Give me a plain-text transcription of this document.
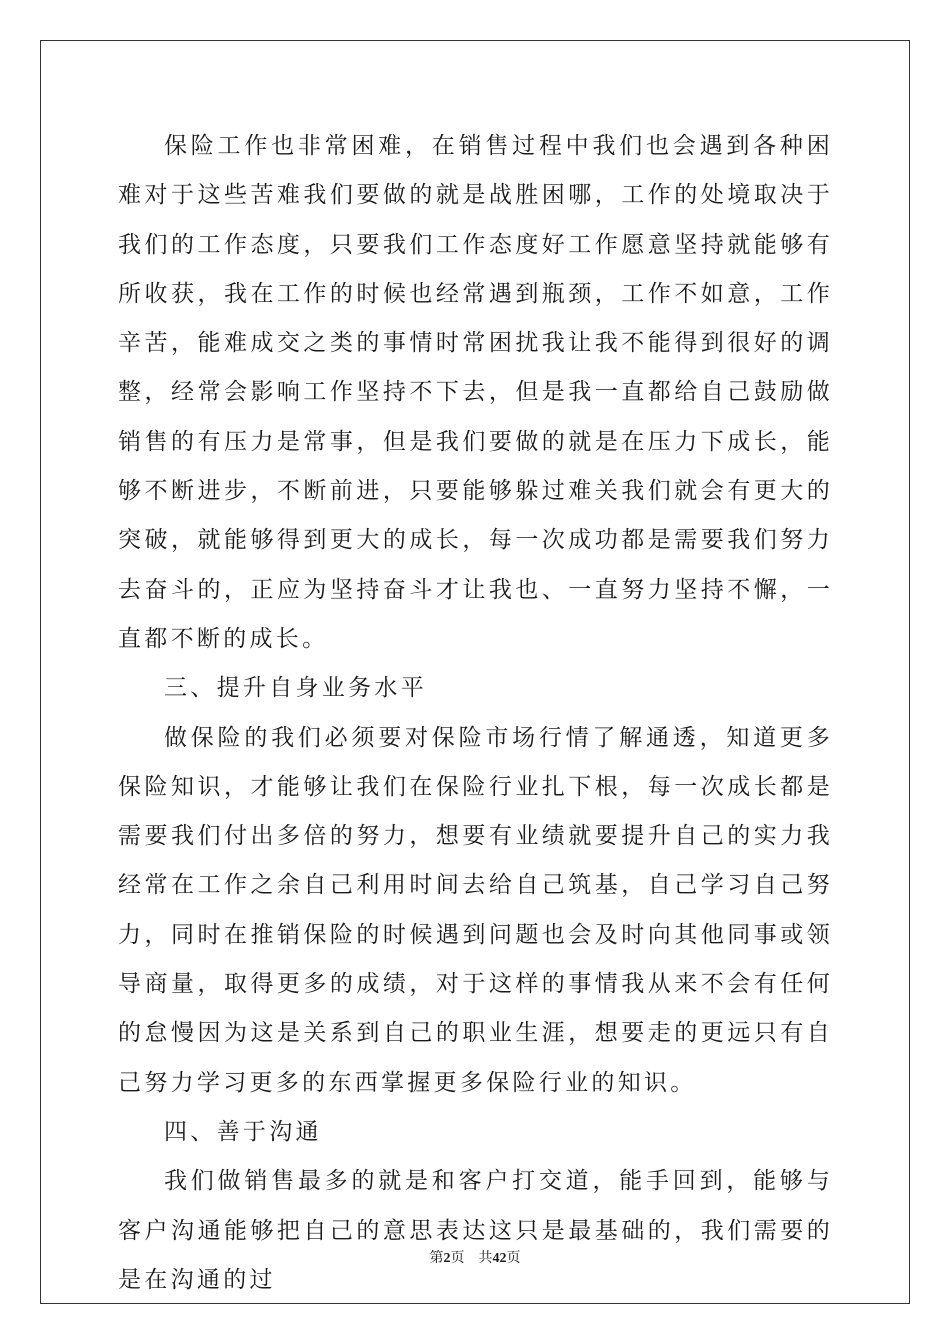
保险工作也非常困难，在销售过程中我们也会遇到各种困难对于这些苦难我们要做的就是战胜困哪，工作的处境取决于我们的工作态度，只要我们工作态度好工作愿意坚持就能够有所收获，我在工作的时候也经常遇到瓶颈，工作不如意，工作辛苦，能难成交之类的事情时常困扰我让我不能得到很好的调整，经常会影响工作坚持不下去，但是我一直都给自己鼓励做销售的有压力是常事，但是我们要做的就是在压力下成长，能够不断进步，不断前进，只要能够躲过难关我们就会有更大的突破，就能够得到更大的成长，每一次成功都是需要我们努力去奋斗的，正应为坚持奋斗才让我也、一直努力坚持不懈，一直都不断的成长。

三、提升自身业务水平

做保险的我们必须要对保险市场行情了解通透，知道更多保险知识，才能够让我们在保险行业扎下根，每一次成长都是需要我们付出多倍的努力，想要有业绩就要提升自己的实力我经常在工作之余自己利用时间去给自己筑基，自己学习自己努力，同时在推销保险的时候遇到问题也会及时向其他同事或领导商量，取得更多的成绩，对于这样的事情我从来不会有任何的怠慢因为这是关系到自己的职业生涯，想要走的更远只有自己努力学习更多的东西掌握更多保险行业的知识。

四、善于沟通

我们做销售最多的就是和客户打交道，能手回到，能够与客户沟通能够把自己的意思表达这只是最基础的，我们需要的是在沟通的过

第2页 共42页
